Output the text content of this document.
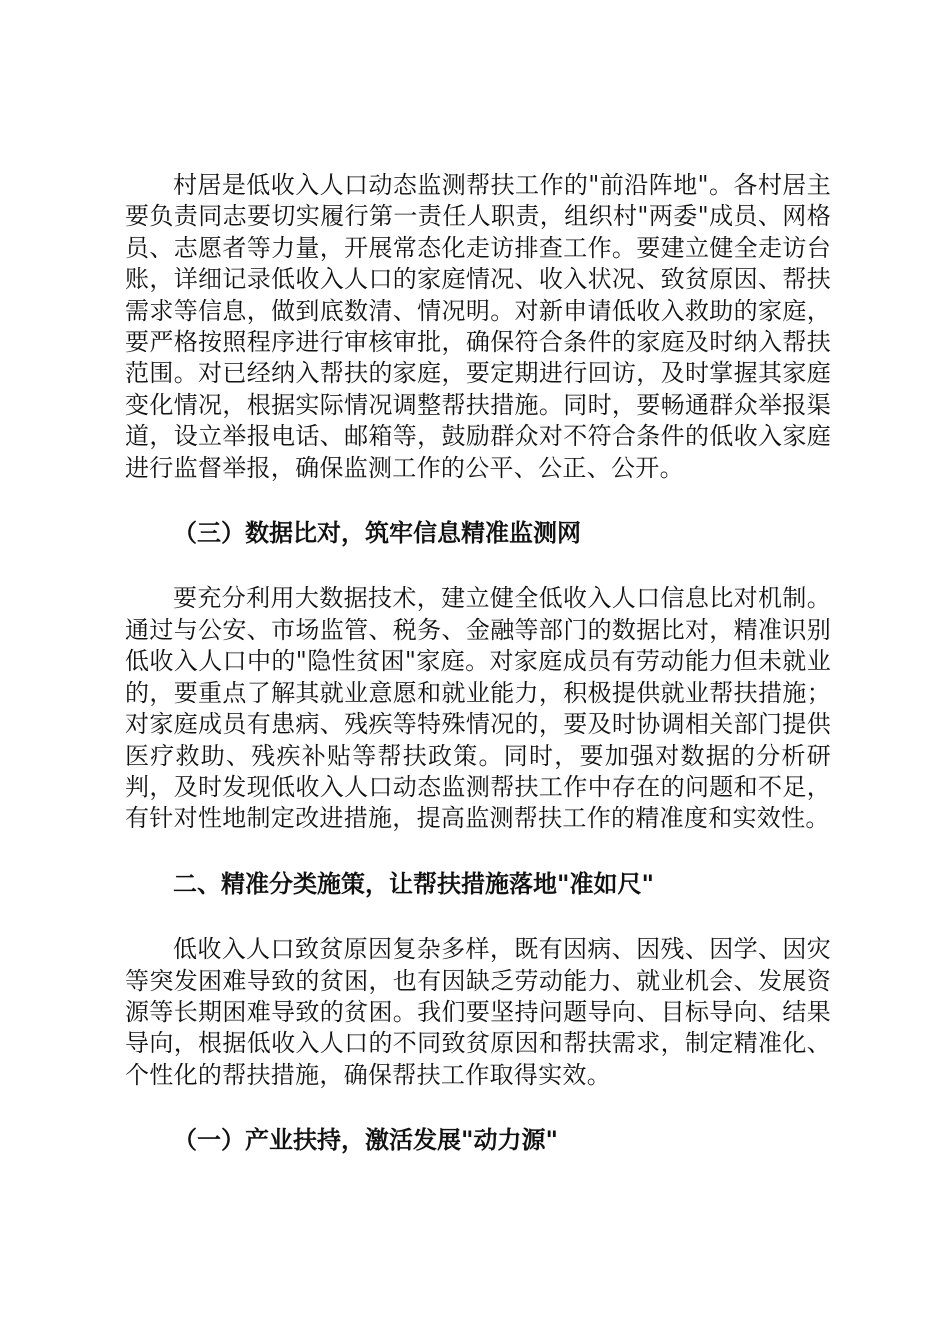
村居是低收入人口动态监测帮扶工作的"前沿阵地"。各村居主要负责同志要切实履行第一责任人职责，组织村"两委"成员、网格员、志愿者等力量，开展常态化走访排查工作。要建立健全走访台账，详细记录低收入人口的家庭情况、收入状况、致贫原因、帮扶需求等信息，做到底数清、情况明。对新申请低收入救助的家庭，要严格按照程序进行审核审批，确保符合条件的家庭及时纳入帮扶范围。对已经纳入帮扶的家庭，要定期进行回访，及时掌握其家庭变化情况，根据实际情况调整帮扶措施。同时，要畅通群众举报渠道，设立举报电话、邮箱等，鼓励群众对不符合条件的低收入家庭进行监督举报，确保监测工作的公平、公正、公开。

（三）数据比对，筑牢信息精准监测网

要充分利用大数据技术，建立健全低收入人口信息比对机制。通过与公安、市场监管、税务、金融等部门的数据比对，精准识别低收入人口中的"隐性贫困"家庭。对家庭成员有劳动能力但未就业的，要重点了解其就业意愿和就业能力，积极提供就业帮扶措施；对家庭成员有患病、残疾等特殊情况的，要及时协调相关部门提供医疗救助、残疾补贴等帮扶政策。同时，要加强对数据的分析研判，及时发现低收入人口动态监测帮扶工作中存在的问题和不足，有针对性地制定改进措施，提高监测帮扶工作的精准度和实效性。

二、精准分类施策，让帮扶措施落地"准如尺"

低收入人口致贫原因复杂多样，既有因病、因残、因学、因灾等突发困难导致的贫困，也有因缺乏劳动能力、就业机会、发展资源等长期困难导致的贫困。我们要坚持问题导向、目标导向、结果导向，根据低收入人口的不同致贫原因和帮扶需求，制定精准化、个性化的帮扶措施，确保帮扶工作取得实效。

（一）产业扶持，激活发展"动力源"
